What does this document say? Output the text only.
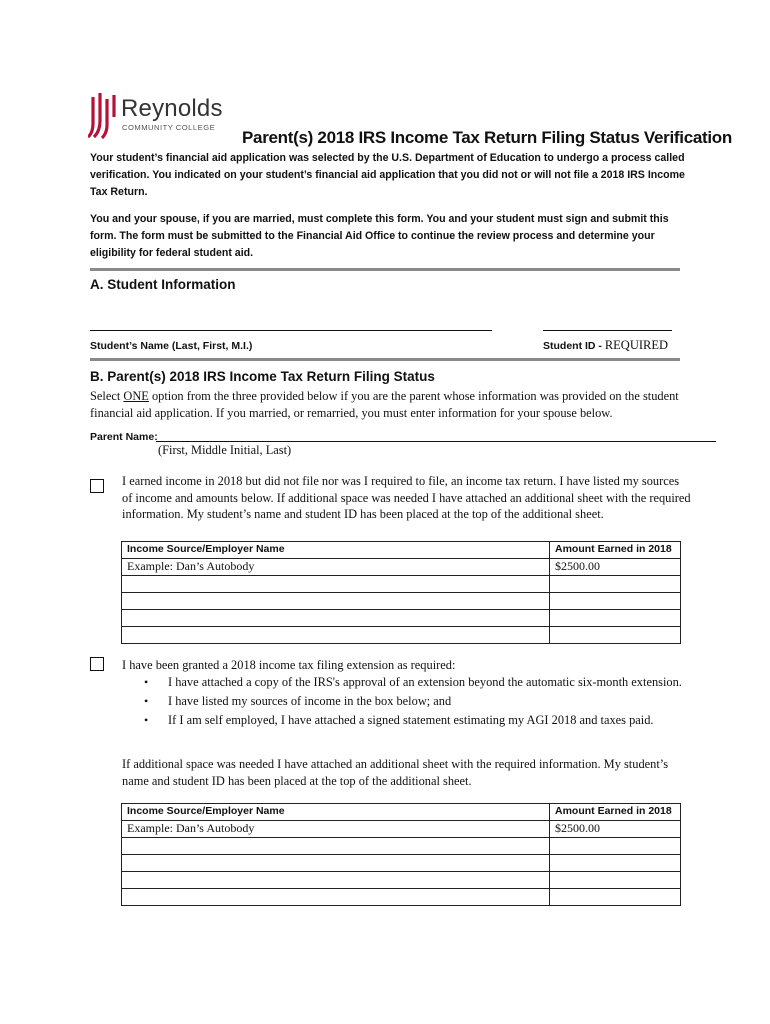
Reynolds
COMMUNITY COLLEGE
Parent(s) 2018 IRS Income Tax Return Filing Status Verification
Your student’s financial aid application was selected by the U.S. Department of Education to undergo a process called verification. You indicated on your student’s financial aid application that you did not or will not file a 2018 IRS Income Tax Return.
You and your spouse, if you are married, must complete this form. You and your student must sign and submit this form. The form must be submitted to the Financial Aid Office to continue the review process and determine your eligibility for federal student aid.
A. Student Information
Student’s Name (Last, First, M.I.)	Student ID - REQUIRED
B. Parent(s) 2018 IRS Income Tax Return Filing Status
Select ONE option from the three provided below if you are the parent whose information was provided on the student financial aid application. If you married, or remarried, you must enter information for your spouse below.
Parent Name:
(First, Middle Initial, Last)
I earned income in 2018 but did not file nor was I required to file, an income tax return. I have listed my sources of income and amounts below. If additional space was needed I have attached an additional sheet with the required information. My student’s name and student ID has been placed at the top of the additional sheet.
Income Source/Employer Name	Amount Earned in 2018
Example: Dan’s Autobody	$2500.00

I have been granted a 2018 income tax filing extension as required:
• I have attached a copy of the IRS's approval of an extension beyond the automatic six-month extension.
• I have listed my sources of income in the box below; and
• If I am self employed, I have attached a signed statement estimating my AGI 2018 and taxes paid.
If additional space was needed I have attached an additional sheet with the required information. My student’s name and student ID has been placed at the top of the additional sheet.
Income Source/Employer Name	Amount Earned in 2018
Example: Dan’s Autobody	$2500.00
